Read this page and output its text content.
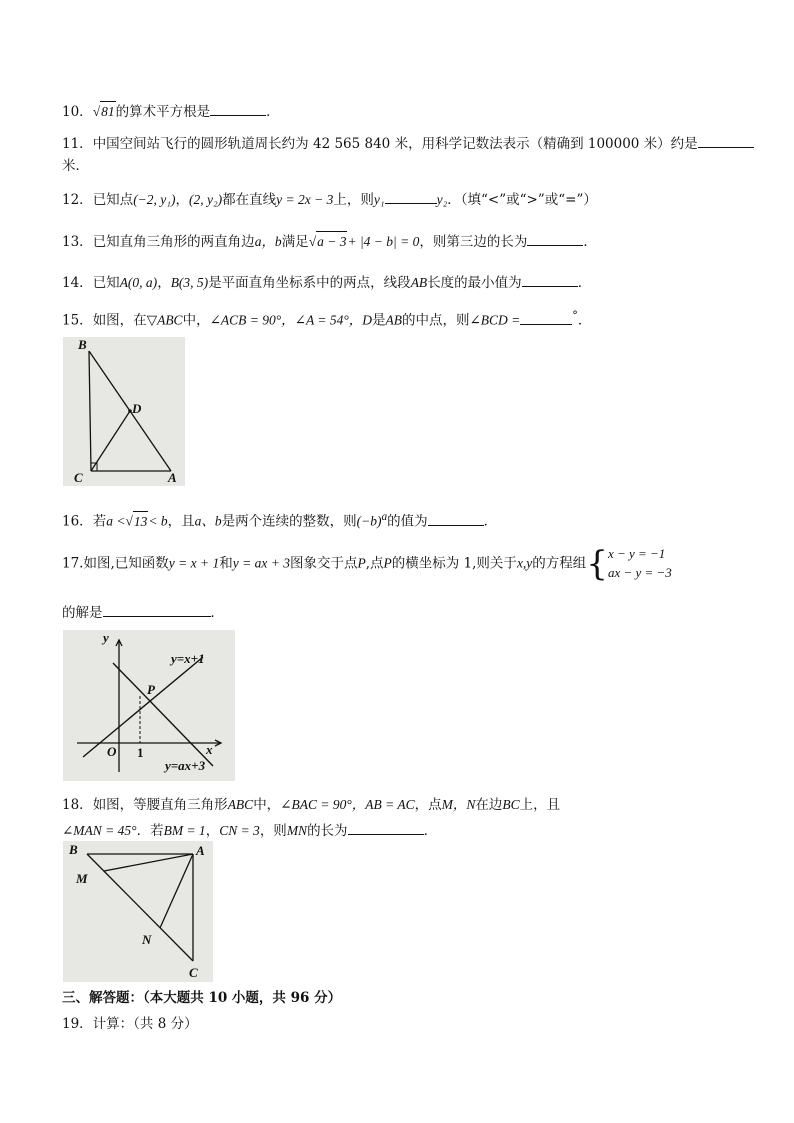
10．√81的算术平方根是	．
11．中国空间站飞行的圆形轨道周长约为 42 565 840 米，用科学记数法表示（精确到 100000 米）约是
米．
12．已知点(−2, y₁)，(2, y₂)都在直线y = 2x − 3上，则y₁	y₂．（填“<”或“>”或“=”）
13．已知直角三角形的两直角边a，b满足√a − 3+ |4 − b| = 0，则第三边的长为	．
14．已知A(0, a)，B(3, 5)是平面直角坐标系中的两点，线段AB长度的最小值为	．
15．如图，在▽ABC中，∠ACB = 90°，∠A = 54°，D是AB的中点，则∠BCD =	°．
B
D
C	A
16．若a <√13< b，且a、b是两个连续的整数，则$(-b)^a$的值为	．
17.如图,已知函数y = x + 1和y = ax + 3图象交于点P,点P的横坐标为 1,则关于x,y的方程组{x − y = −1
ax − y = −3
的解是	．
y
x
O 1
P
y=x+1
y=ax+3
18．如图，等腰直角三角形ABC中，∠BAC = 90°，AB = AC，点M，N在边BC上，且
∠MAN = 45°．若BM = 1，CN = 3，则MN的长为	．
B	A
M
N
C
三、解答题：（本大题共 10 小题，共 96 分）
19．计算：（共 8 分）
